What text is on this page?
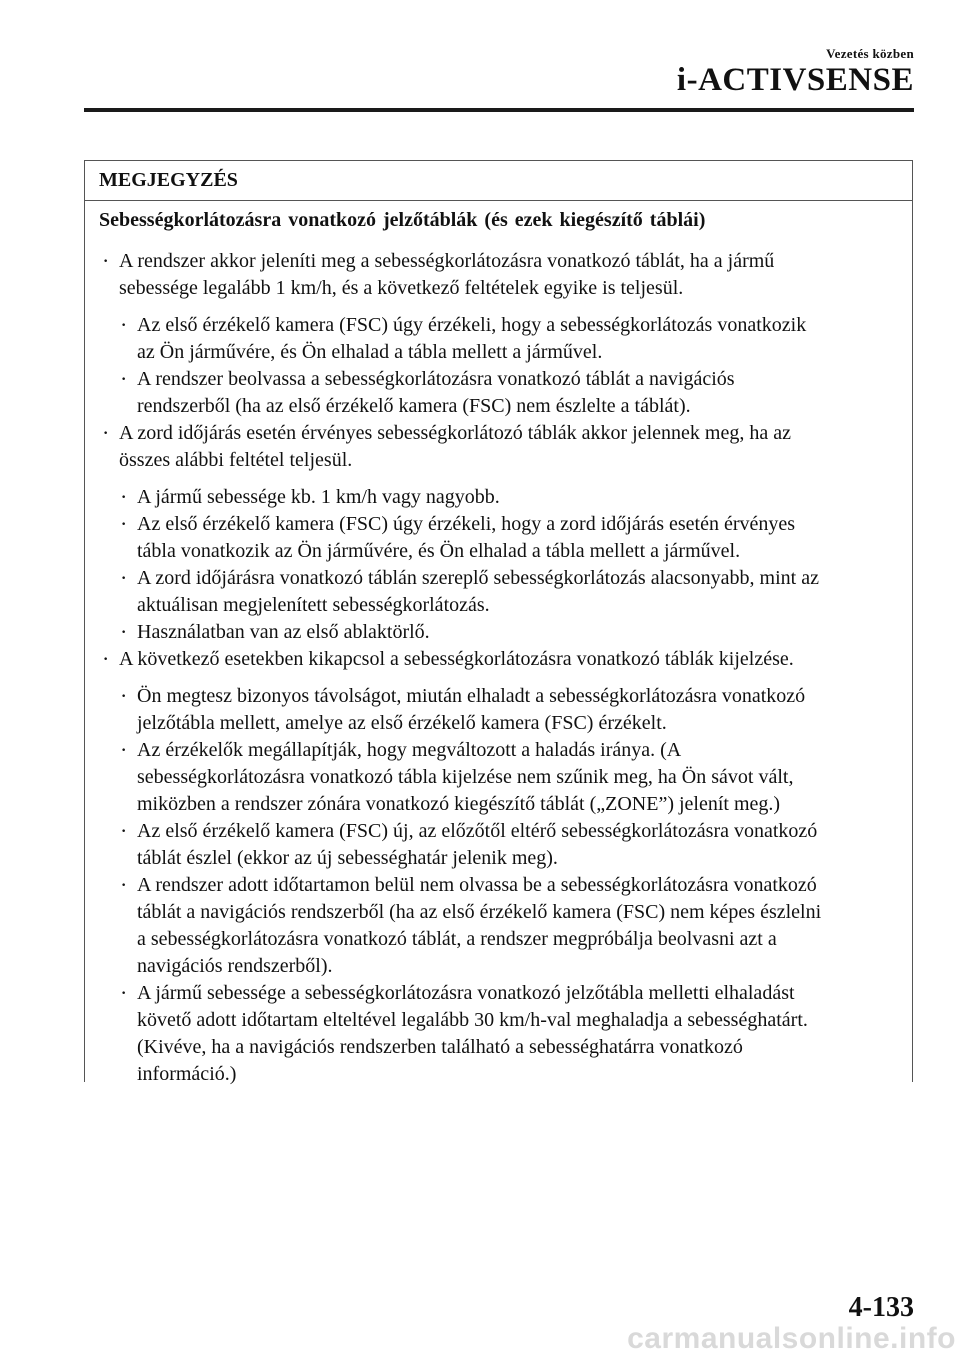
Vezetés közben
i-ACTIVSENSE
MEGJEGYZÉS
Sebességkorlátozásra vonatkozó jelzőtáblák (és ezek kiegészítő táblái)
· A rendszer akkor jeleníti meg a sebességkorlátozásra vonatkozó táblát, ha a jármű
sebessége legalább 1 km/h, és a következő feltételek egyike is teljesül.
· Az első érzékelő kamera (FSC) úgy érzékeli, hogy a sebességkorlátozás vonatkozik
az Ön járművére, és Ön elhalad a tábla mellett a járművel.
· A rendszer beolvassa a sebességkorlátozásra vonatkozó táblát a navigációs
rendszerből (ha az első érzékelő kamera (FSC) nem észlelte a táblát).
· A zord időjárás esetén érvényes sebességkorlátozó táblák akkor jelennek meg, ha az
összes alábbi feltétel teljesül.
· A jármű sebessége kb. 1 km/h vagy nagyobb.
· Az első érzékelő kamera (FSC) úgy érzékeli, hogy a zord időjárás esetén érvényes
tábla vonatkozik az Ön járművére, és Ön elhalad a tábla mellett a járművel.
· A zord időjárásra vonatkozó táblán szereplő sebességkorlátozás alacsonyabb, mint az
aktuálisan megjelenített sebességkorlátozás.
· Használatban van az első ablaktörlő.
· A következő esetekben kikapcsol a sebességkorlátozásra vonatkozó táblák kijelzése.
· Ön megtesz bizonyos távolságot, miután elhaladt a sebességkorlátozásra vonatkozó
jelzőtábla mellett, amelye az első érzékelő kamera (FSC) érzékelt.
· Az érzékelők megállapítják, hogy megváltozott a haladás iránya. (A
sebességkorlátozásra vonatkozó tábla kijelzése nem szűnik meg, ha Ön sávot vált,
miközben a rendszer zónára vonatkozó kiegészítő táblát („ZONE”) jelenít meg.)
· Az első érzékelő kamera (FSC) új, az előzőtől eltérő sebességkorlátozásra vonatkozó
táblát észlel (ekkor az új sebességhatár jelenik meg).
· A rendszer adott időtartamon belül nem olvassa be a sebességkorlátozásra vonatkozó
táblát a navigációs rendszerből (ha az első érzékelő kamera (FSC) nem képes észlelni
a sebességkorlátozásra vonatkozó táblát, a rendszer megpróbálja beolvasni azt a
navigációs rendszerből).
· A jármű sebessége a sebességkorlátozásra vonatkozó jelzőtábla melletti elhaladást
követő adott időtartam elteltével legalább 30 km/h-val meghaladja a sebességhatárt.
(Kivéve, ha a navigációs rendszerben található a sebességhatárra vonatkozó
információ.)
4-133
carmanualsonline.info
